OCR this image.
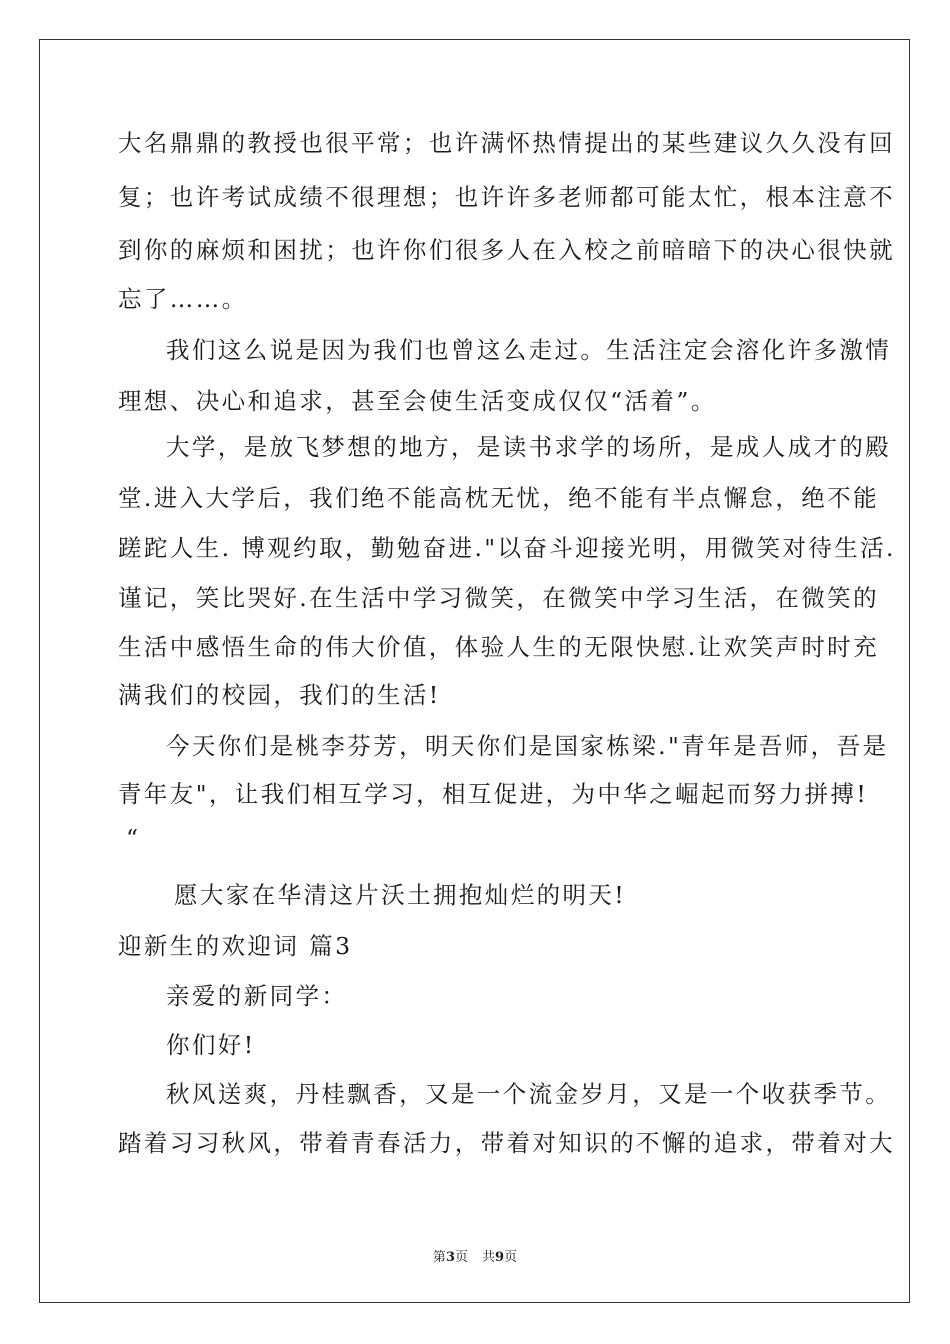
大名鼎鼎的教授也很平常；也许满怀热情提出的某些建议久久没有回
复；也许考试成绩不很理想；也许许多老师都可能太忙，根本注意不
到你的麻烦和困扰；也许你们很多人在入校之前暗暗下的决心很快就
忘了……。
我们这么说是因为我们也曾这么走过。生活注定会溶化许多激情
理想、决心和追求，甚至会使生活变成仅仅“活着”。
大学，是放飞梦想的地方，是读书求学的场所，是成人成才的殿
堂.进入大学后，我们绝不能高枕无忧，绝不能有半点懈怠，绝不能
蹉跎人生. 博观约取，勤勉奋进."以奋斗迎接光明，用微笑对待生活.
谨记，笑比哭好.在生活中学习微笑，在微笑中学习生活，在微笑的
生活中感悟生命的伟大价值，体验人生的无限快慰.让欢笑声时时充
满我们的校园，我们的生活!
今天你们是桃李芬芳，明天你们是国家栋梁."青年是吾师，吾是
青年友"，让我们相互学习，相互促进，为中华之崛起而努力拼搏!
“
愿大家在华清这片沃土拥抱灿烂的明天!
迎新生的欢迎词 篇3
亲爱的新同学：
你们好!
秋风送爽，丹桂飘香，又是一个流金岁月，又是一个收获季节。
踏着习习秋风，带着青春活力，带着对知识的不懈的追求，带着对大
第3页 共9页
